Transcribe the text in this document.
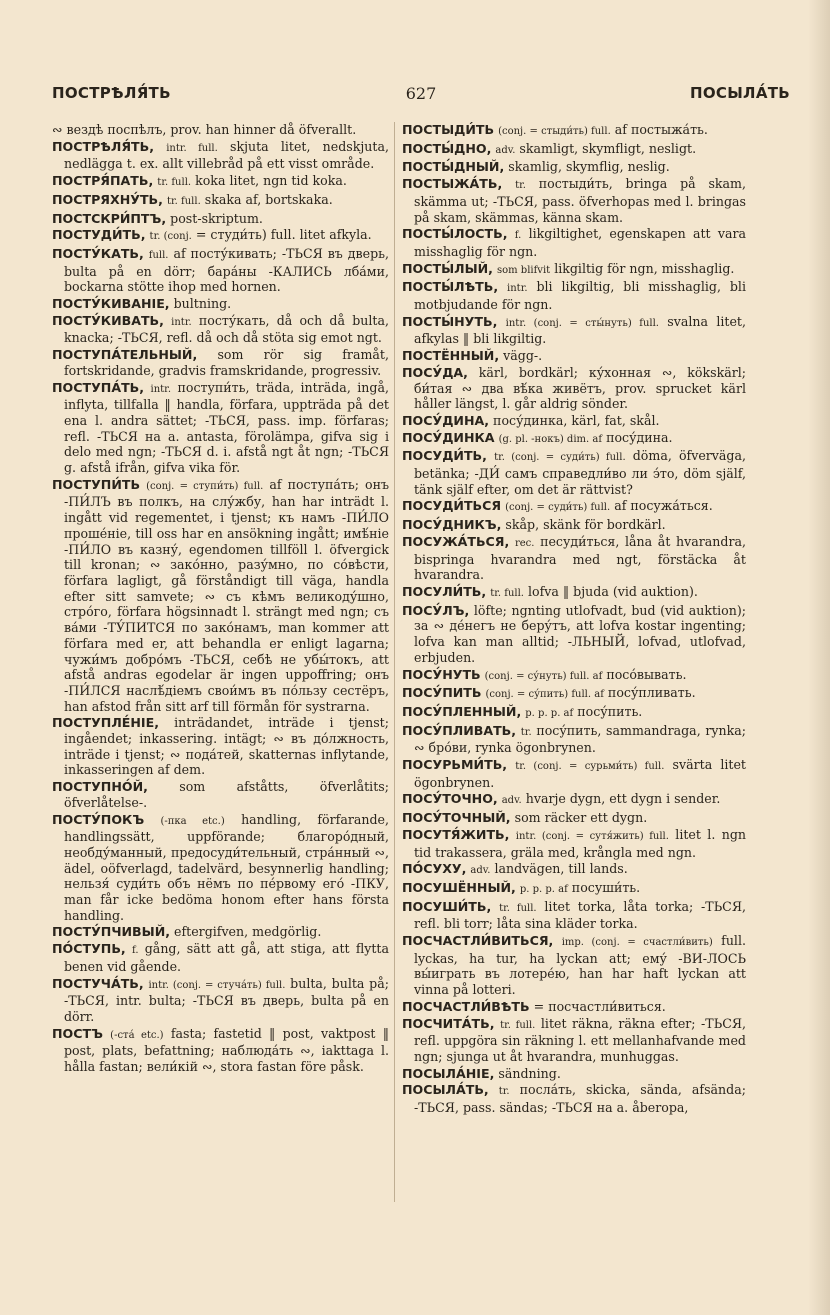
ПОСТРѢЛЯ́ТЬ	627	ПОСЫЛА́ТЬ
∾ вездѣ поспѣлъ, prov. han hinner då öfverallt.
ПОСТРѢЛЯ́ТЬ, intr. full. skjuta litet, nedskjuta, nedlägga t. ex. allt villebråd på ett visst område.
ПОСТРЯ́ПАТЬ, tr. full. koka litet, ngn tid koka.
ПОСТРЯХНУ́ТЬ, tr. full. skaka af, bortskaka.
ПОСТСКРИ́ПТЪ, post-skriptum.
ПОСТУДИ́ТЬ, tr. (conj. = студи́ть) full. litet afkyla.
ПОСТУ́КАТЬ, full. af посту́кивать; -ТЬСЯ въ дверь, bulta på en dörr; бара́ны -КАЛИСЬ лба́ми, bockarna stötte ihop med hornen.
ПОСТУ́КИВАНІЕ, bultning.
ПОСТУ́КИВАТЬ, intr. посту́кать, då och då bulta, knacka; -ТЬСЯ, refl. då och då stöta sig emot ngt.
ПОСТУПА́ТЕЛЬНЫЙ, som rör sig framåt, fortskridande, gradvis framskridande, progressiv.
ПОСТУПА́ТЬ, intr. поступи́ть, träda, inträda, ingå, inflyta, tillfalla ‖ handla, förfara, uppträda på det ena l. andra sättet; -ТЬСЯ, pass. imp. förfaras; refl. -ТЬСЯ на a. antasta, förolämpa, gifva sig i delo med ngn; -ТЬСЯ d. i. afstå ngt åt ngn; -ТЬСЯ g. afstå ifrån, gifva vika för.
ПОСТУПИ́ТЬ (conj. = ступи́ть) full. af поступа́ть; онъ -ПИ́ЛЪ въ полкъ, на слу́жбу, han har inträdt l. ingått vid regementet, i tjenst; къ намъ -ПИ́ЛО проше́ніе, till oss har en ansökning ingått; имѣ́ніе -ПИ́ЛО въ казну́, egendomen tillföll l. öfvergick till kronan; ∾ зако́нно, разу́мно, по со́вѣсти, förfara lagligt, gå förståndigt till väga, handla efter sitt samvete; ∾ съ кѣмъ великоду́шно, стро́го, förfara högsinnadt l. strängt med ngn; съ ва́ми -ТУ́ПИТСЯ по зако́намъ, man kommer att förfara med er, att behandla er enligt lagarna; чужи́мъ добро́мъ -ТЬСЯ, себѣ не убы́токъ, att afstå andras egodelar är ingen uppoffring; онъ -ПИ́ЛСЯ наслѣ́діемъ свои́мъ въ по́льзу сестёръ, han afstod från sitt arf till förmån för systrarna.
ПОСТУПЛЕ́НІЕ, inträdandet, inträde i tjenst; ingåendet; inkassering. intägt; ∾ въ до́лжность, inträde i tjenst; ∾ пода́тей, skatternas inflytande, inkasseringen af dem.
ПОСТУПНО́Й, som afståtts, öfverlåtits; öfverlåtelse-.
ПОСТУ́ПОКЪ (-пка etc.) handling, förfarande, handlingssätt, uppförande; благоро́дный, необду́манный, предосуди́тельный, стра́нный ∾, ädel, oöfverlagd, tadelvärd, besynnerlig handling; нельзя́ суди́ть объ нёмъ по пе́рвому его́ -ПКУ, man får icke bedöma honom efter hans första handling.
ПОСТУ́ПЧИВЫЙ, eftergifven, medgörlig.
ПО́СТУПЬ, f. gång, sätt att gå, att stiga, att flytta benen vid gående.
ПОСТУЧА́ТЬ, intr. (conj. = стуча́ть) full. bulta, bulta på; -ТЬСЯ, intr. bulta; -ТЬСЯ въ дверь, bulta på en dörr.
ПОСТЪ (-ста́ etc.) fasta; fastetid ‖ post, vaktpost ‖ post, plats, befattning; наблюда́ть ∾, iakttaga l. hålla fastan; вели́кій ∾, stora fastan före påsk.
ПОСТЫДИ́ТЬ (conj. = стыди́ть) full. af постыжа́ть.
ПОСТЫ́ДНО, adv. skamligt, skymfligt, nesligt.
ПОСТЫ́ДНЫЙ, skamlig, skymflig, neslig.
ПОСТЫЖА́ТЬ, tr. постыди́ть, bringa på skam, skämma ut; -ТЬСЯ, pass. öfverhopas med l. bringas på skam, skämmas, känna skam.
ПОСТЫ́ЛОСТЬ, f. likgiltighet, egenskapen att vara misshaglig för ngn.
ПОСТЫ́ЛЫЙ, som blifvit likgiltig för ngn, misshaglig.
ПОСТЫ́ЛѢТЬ, intr. bli likgiltig, bli misshaglig, bli motbjudande för ngn.
ПОСТЫ́НУТЬ, intr. (conj. = сты́нуть) full. svalna litet, afkylas ‖ bli likgiltig.
ПОСТЁННЫЙ, vägg-.
ПОСУ́ДА, kärl, bordkärl; ку́хонная ∾, kökskärl; би́тая ∾ два вѣ́ка живётъ, prov. sprucket kärl håller längst, l. går aldrig sönder.
ПОСУ́ДИНА, посу́динка, kärl, fat, skål.
ПОСУ́ДИНКА (g. pl. -нокъ) dim. af посу́дина.
ПОСУДИ́ТЬ, tr. (conj. = суди́ть) full. döma, öfverväga, betänka; -ДИ́ самъ справедли́во ли э́то, döm själf, tänk själf efter, om det är rättvist?
ПОСУДИ́ТЬСЯ (conj. = суди́ть) full. af посужа́ться.
ПОСУ́ДНИКЪ, skåp, skänk för bordkärl.
ПОСУЖА́ТЬСЯ, rec. песуди́ться, låna åt hvarandra, bispringa hvarandra med ngt, förstäcka åt hvarandra.
ПОСУЛИ́ТЬ, tr. full. lofva ‖ bjuda (vid auktion).
ПОСУ́ЛЪ, löfte; ngnting utlofvadt, bud (vid auktion); за ∾ де́негъ не беру́тъ, att lofva kostar ingenting; lofva kan man alltid; -ЛЬНЫЙ, lofvad, utlofvad, erbjuden.
ПОСУ́НУТЬ (conj. = су́нуть) full. af посо́вывать.
ПОСУ́ПИТЬ (conj. = су́пить) full. af посу́пливать.
ПОСУ́ПЛЕННЫЙ, p. p. p. af посу́пить.
ПОСУ́ПЛИВАТЬ, tr. посу́пить, sammandraga, rynka; ∾ бро́ви, rynka ögonbrynen.
ПОСУРЬМИ́ТЬ, tr. (conj. = сурьми́ть) full. svärta litet ögonbrynen.
ПОСУ́ТОЧНО, adv. hvarje dygn, ett dygn i sender.
ПОСУ́ТОЧНЫЙ, som räcker ett dygn.
ПОСУТЯ́ЖИТЬ, intr. (conj. = сутя́жить) full. litet l. ngn tid trakassera, gräla med, krångla med ngn.
ПО́СУХУ, adv. landvägen, till lands.
ПОСУШЁННЫЙ, p. p. p. af посуши́ть.
ПОСУШИ́ТЬ, tr. full. litet torka, låta torka; -ТЬСЯ, refl. bli torr; låta sina kläder torka.
ПОСЧАСТЛИ́ВИТЬСЯ, imp. (conj. = счастли́вить) full. lyckas, ha tur, ha lyckan att; ему́ -ВИ-ЛОСЬ вы́играть въ лотере́ю, han har haft lyckan att vinna på lotteri.
ПОСЧАСТЛИ́ВѢТЬ = посчастли́виться.
ПОСЧИТА́ТЬ, tr. full. litet räkna, räkna efter; -ТЬСЯ, refl. uppgöra sin räkning l. ett mellanhafvande med ngn; sjunga ut åt hvarandra, munhuggas.
ПОСЫЛА́НІЕ, sändning.
ПОСЫЛА́ТЬ, tr. посла́ть, skicka, sända, afsända; -ТЬСЯ, pass. sändas; -ТЬСЯ на a. åberopa,
